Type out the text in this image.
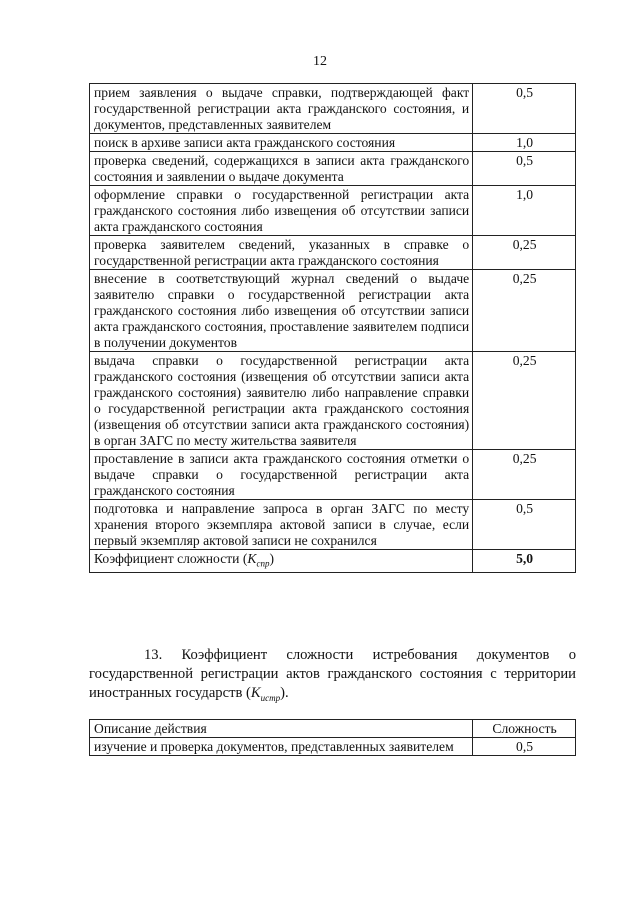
12
прием заявления о выдаче справки, подтверждающей факт государственной регистрации акта гражданского состояния, и документов, представленных заявителем	0,5
поиск в архиве записи акта гражданского состояния	1,0
проверка сведений, содержащихся в записи акта гражданского состояния и заявлении о выдаче документа	0,5
оформление справки о государственной регистрации акта гражданского состояния либо извещения об отсутствии записи акта гражданского состояния	1,0
проверка заявителем сведений, указанных в справке о государственной регистрации акта гражданского состояния	0,25
внесение в соответствующий журнал сведений о выдаче заявителю справки о государственной регистрации акта гражданского состояния либо извещения об отсутствии записи акта гражданского состояния, проставление заявителем подписи в получении документов	0,25
выдача справки о государственной регистрации акта гражданского состояния (извещения об отсутствии записи акта гражданского состояния) заявителю либо направление справки о государственной регистрации акта гражданского состояния (извещения об отсутствии записи акта гражданского состояния) в орган ЗАГС по месту жительства заявителя	0,25
проставление в записи акта гражданского состояния отметки о выдаче справки о государственной регистрации акта гражданского состояния	0,25
подготовка и направление запроса в орган ЗАГС по месту хранения второго экземпляра актовой записи в случае, если первый экземпляр актовой записи не сохранился	0,5
Коэффициент сложности $(K_{спр})$	5,0
13. Коэффициент сложности истребования документов о государственной регистрации актов гражданского состояния с территории иностранных государств $(K_{истр})$.
Описание действия	Сложность
изучение и проверка документов, представленных заявителем	0,5
